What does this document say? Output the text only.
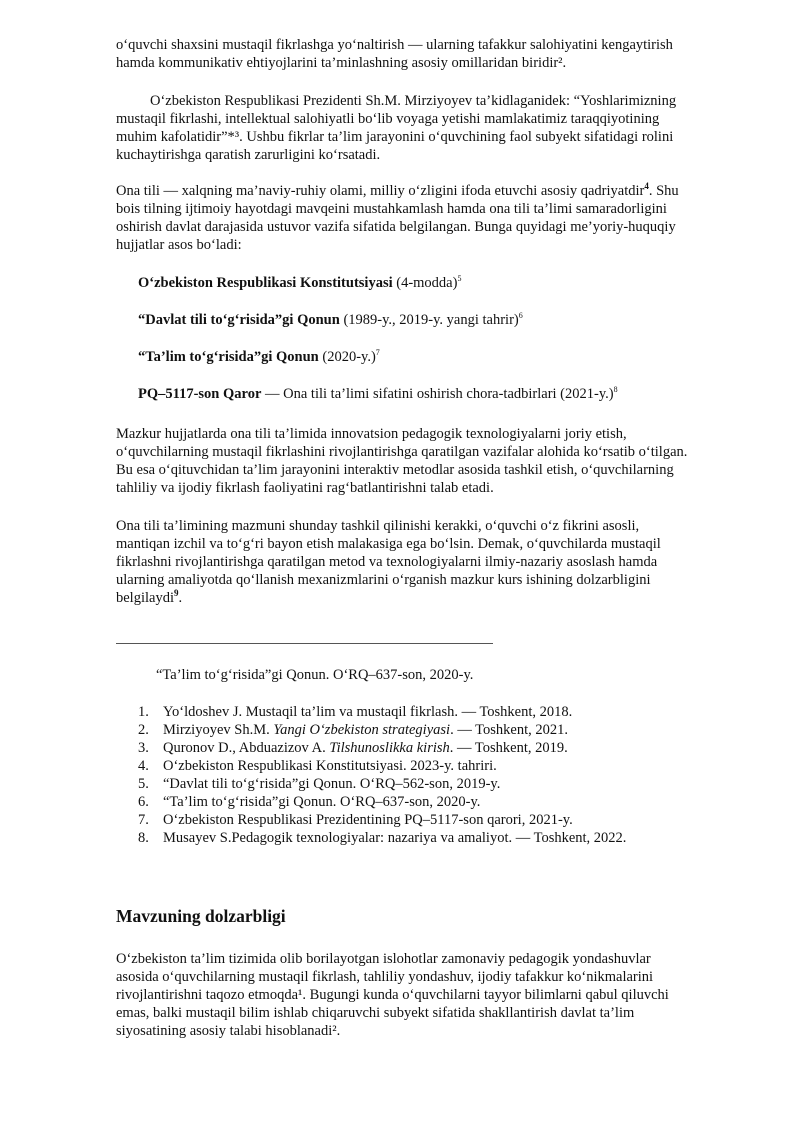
o‘quvchi shaxsini mustaqil fikrlashga yo‘naltirish — ularning tafakkur salohiyatini kengaytirish hamda kommunikativ ehtiyojlarini ta’minlashning asosiy omillaridan biridir².

O‘zbekiston Respublikasi Prezidenti Sh.M. Mirziyoyev ta’kidlaganidek: “Yoshlarimizning mustaqil fikrlashi, intellektual salohiyatli bo‘lib voyaga yetishi mamlakatimiz taraqqiyotining muhim kafolatidir”*³. Ushbu fikrlar ta’lim jarayonini o‘quvchining faol subyekt sifatidagi rolini kuchaytirishga qaratish zarurligini ko‘rsatadi.

Ona tili — xalqning ma’naviy-ruhiy olami, milliy o‘zligini ifoda etuvchi asosiy qadriyatdir$^4$. Shu bois tilning ijtimoiy hayotdagi mavqeini mustahkamlash hamda ona tili ta’limi samaradorligini oshirish davlat darajasida ustuvor vazifa sifatida belgilangan. Bunga quyidagi me’yoriy-huquqiy hujjatlar asos bo‘ladi:

O‘zbekiston Respublikasi Konstitutsiyasi (4-modda)$^5$

“Davlat tili to‘g‘risida”gi Qonun (1989-y., 2019-y. yangi tahrir)$^6$

“Ta’lim to‘g‘risida”gi Qonun $(2020-y.)^7$

PQ–5117-son Qaror — Ona tili ta’limi sifatini oshirish chora-tadbirlari $(2021-y.)^8$

Mazkur hujjatlarda ona tili ta’limida innovatsion pedagogik texnologiyalarni joriy etish, o‘quvchilarning mustaqil fikrlashini rivojlantirishga qaratilgan vazifalar alohida ko‘rsatib o‘tilgan. Bu esa o‘qituvchidan ta’lim jarayonini interaktiv metodlar asosida tashkil etish, o‘quvchilarning tahliliy va ijodiy fikrlash faoliyatini rag‘batlantirishni talab etadi.

Ona tili ta’limining mazmuni shunday tashkil qilinishi kerakki, o‘quvchi o‘z fikrini asosli, mantiqan izchil va to‘g‘ri bayon etish malakasiga ega bo‘lsin. Demak, o‘quvchilarda mustaqil fikrlashni rivojlantirishga qaratilgan metod va texnologiyalarni ilmiy-nazariy asoslash hamda ularning amaliyotda qo‘llanish mexanizmlarini o‘rganish mazkur kurs ishining dolzarbligini belgilaydi$^9$.

“Ta’lim to‘g‘risida”gi Qonun. O‘RQ–637-son, 2020-y.

1. Yo‘ldoshev J. Mustaqil ta’lim va mustaqil fikrlash. — Toshkent, 2018.
2. Mirziyoyev Sh.M. Yangi O‘zbekiston strategiyasi. — Toshkent, 2021.
3. Quronov D., Abduazizov A. Tilshunoslikka kirish. — Toshkent, 2019.
4. O‘zbekiston Respublikasi Konstitutsiyasi. 2023-y. tahriri.
5. “Davlat tili to‘g‘risida”gi Qonun. O‘RQ–562-son, 2019-y.
6. “Ta’lim to‘g‘risida”gi Qonun. O‘RQ–637-son, 2020-y.
7. O‘zbekiston Respublikasi Prezidentining PQ–5117-son qarori, 2021-y.
8. Musayev S.Pedagogik texnologiyalar: nazariya va amaliyot. — Toshkent, 2022.
Mavzuning dolzarbligi

O‘zbekiston ta’lim tizimida olib borilayotgan islohotlar zamonaviy pedagogik yondashuvlar asosida o‘quvchilarning mustaqil fikrlash, tahliliy yondashuv, ijodiy tafakkur ko‘nikmalarini rivojlantirishni taqozo etmoqda¹. Bugungi kunda o‘quvchilarni tayyor bilimlarni qabul qiluvchi emas, balki mustaqil bilim ishlab chiqaruvchi subyekt sifatida shakllantirish davlat ta’lim siyosatining asosiy talabi hisoblanadi².
